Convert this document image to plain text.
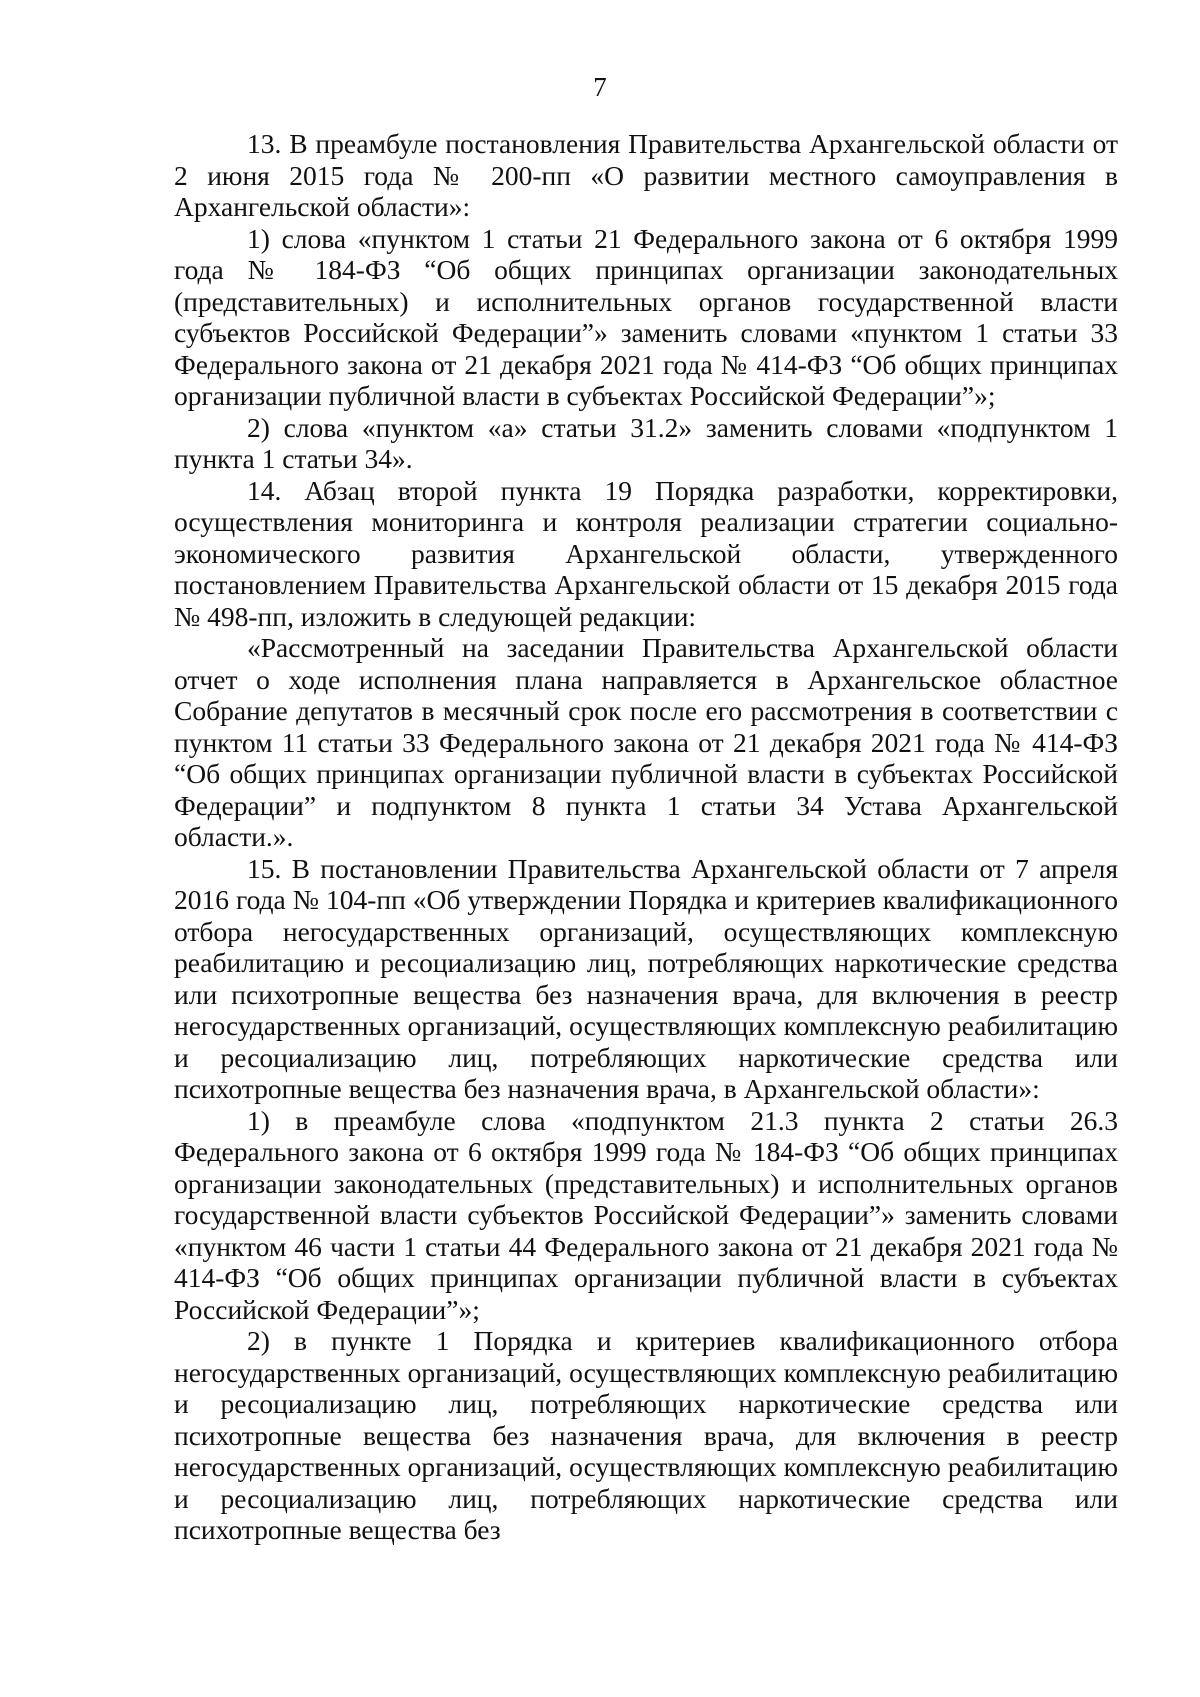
7

13. В преамбуле постановления Правительства Архангельской области от 2 июня 2015 года № 200-пп «О развитии местного самоуправления в Архангельской области»:

1) слова «пунктом 1 статьи 21 Федерального закона от 6 октября 1999 года № 184-ФЗ “Об общих принципах организации законодательных (представительных) и исполнительных органов государственной власти субъектов Российской Федерации”» заменить словами «пунктом 1 статьи 33 Федерального закона от 21 декабря 2021 года № 414-ФЗ “Об общих принципах организации публичной власти в субъектах Российской Федерации”»;

2) слова «пунктом «а» статьи 31.2» заменить словами «подпунктом 1 пункта 1 статьи 34».

14. Абзац второй пункта 19 Порядка разработки, корректировки, осуществления мониторинга и контроля реализации стратегии социально-экономического развития Архангельской области, утвержденного постановлением Правительства Архангельской области от 15 декабря 2015 года № 498-пп, изложить в следующей редакции:

«Рассмотренный на заседании Правительства Архангельской области отчет о ходе исполнения плана направляется в Архангельское областное Собрание депутатов в месячный срок после его рассмотрения в соответствии с пунктом 11 статьи 33 Федерального закона от 21 декабря 2021 года № 414-ФЗ “Об общих принципах организации публичной власти в субъектах Российской Федерации” и подпунктом 8 пункта 1 статьи 34 Устава Архангельской области.».

15. В постановлении Правительства Архангельской области от 7 апреля 2016 года № 104-пп «Об утверждении Порядка и критериев квалификационного отбора негосударственных организаций, осуществляющих комплексную реабилитацию и ресоциализацию лиц, потребляющих наркотические средства или психотропные вещества без назначения врача, для включения в реестр негосударственных организаций, осуществляющих комплексную реабилитацию и ресоциализацию лиц, потребляющих наркотические средства или психотропные вещества без назначения врача, в Архангельской области»:

1) в преамбуле слова «подпунктом 21.3 пункта 2 статьи 26.3 Федерального закона от 6 октября 1999 года № 184-ФЗ “Об общих принципах организации законодательных (представительных) и исполнительных органов государственной власти субъектов Российской Федерации”» заменить словами «пунктом 46 части 1 статьи 44 Федерального закона от 21 декабря 2021 года № 414-ФЗ “Об общих принципах организации публичной власти в субъектах Российской Федерации”»;

2) в пункте 1 Порядка и критериев квалификационного отбора негосударственных организаций, осуществляющих комплексную реабилитацию и ресоциализацию лиц, потребляющих наркотические средства или психотропные вещества без назначения врача, для включения в реестр негосударственных организаций, осуществляющих комплексную реабилитацию и ресоциализацию лиц, потребляющих наркотические средства или психотропные вещества без
